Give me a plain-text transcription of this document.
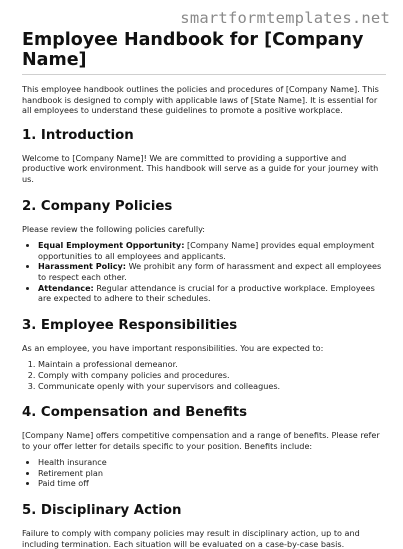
smartformtemplates.net
Employee Handbook for [Company Name]

This employee handbook outlines the policies and procedures of [Company Name]. This handbook is designed to comply with applicable laws of [State Name]. It is essential for all employees to understand these guidelines to promote a positive workplace.

1. Introduction

Welcome to [Company Name]! We are committed to providing a supportive and productive work environment. This handbook will serve as a guide for your journey with us.

2. Company Policies

Please review the following policies carefully:

• Equal Employment Opportunity: [Company Name] provides equal employment opportunities to all employees and applicants.
• Harassment Policy: We prohibit any form of harassment and expect all employees to respect each other.
• Attendance: Regular attendance is crucial for a productive workplace. Employees are expected to adhere to their schedules.
3. Employee Responsibilities

As an employee, you have important responsibilities. You are expected to:

1. Maintain a professional demeanor.
2. Comply with company policies and procedures.
3. Communicate openly with your supervisors and colleagues.
4. Compensation and Benefits

[Company Name] offers competitive compensation and a range of benefits. Please refer to your offer letter for details specific to your position. Benefits include:

• Health insurance
• Retirement plan
• Paid time off
5. Disciplinary Action

Failure to comply with company policies may result in disciplinary action, up to and including termination. Each situation will be evaluated on a case-by-case basis.
